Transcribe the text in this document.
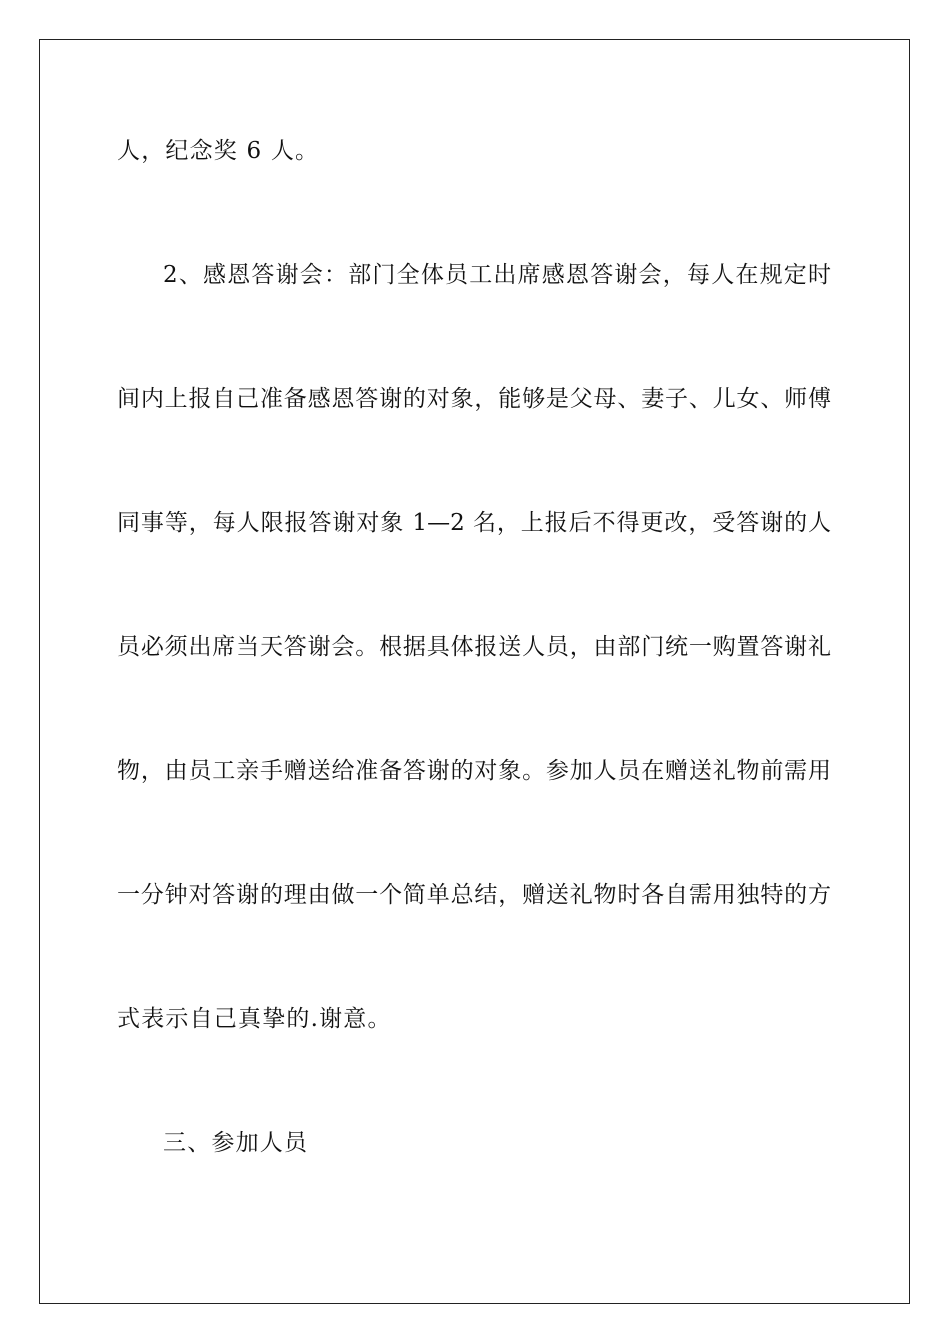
人，纪念奖 6 人。
2、感恩答谢会：部门全体员工出席感恩答谢会，每人在规定时
间内上报自己准备感恩答谢的对象，能够是父母、妻子、儿女、师傅
同事等，每人限报答谢对象 1—2 名，上报后不得更改，受答谢的人
员必须出席当天答谢会。根据具体报送人员，由部门统一购置答谢礼
物，由员工亲手赠送给准备答谢的对象。参加人员在赠送礼物前需用
一分钟对答谢的理由做一个简单总结，赠送礼物时各自需用独特的方
式表示自己真挚的.谢意。
三、参加人员
